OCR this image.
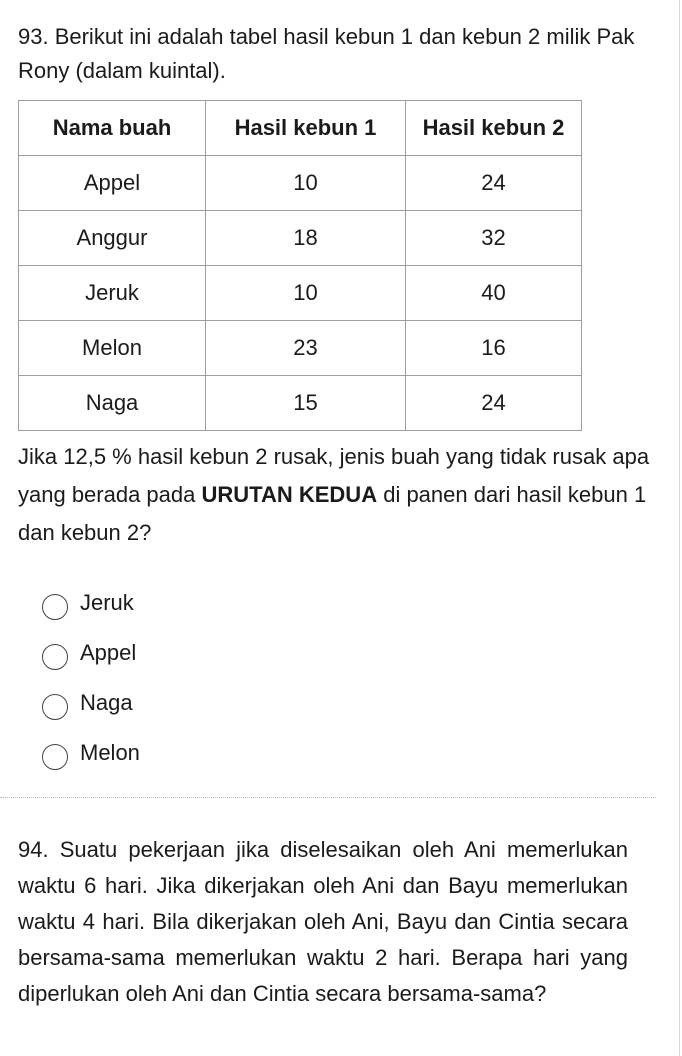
93. Berikut ini adalah tabel hasil kebun 1 dan kebun 2 milik Pak Rony (dalam kuintal).

Nama buah	Hasil kebun 1	Hasil kebun 2
Appel	10	24
Anggur	18	32
Jeruk	10	40
Melon	23	16
Naga	15	24

Jika 12,5 % hasil kebun 2 rusak, jenis buah yang tidak rusak apa yang berada pada URUTAN KEDUA di panen dari hasil kebun 1 dan kebun 2?

Jeruk
Appel
Naga
Melon

94. Suatu pekerjaan jika diselesaikan oleh Ani memerlukan waktu 6 hari. Jika dikerjakan oleh Ani dan Bayu memerlukan waktu 4 hari. Bila dikerjakan oleh Ani, Bayu dan Cintia secara bersama-sama memerlukan waktu 2 hari. Berapa hari yang diperlukan oleh Ani dan Cintia secara bersama-sama?
